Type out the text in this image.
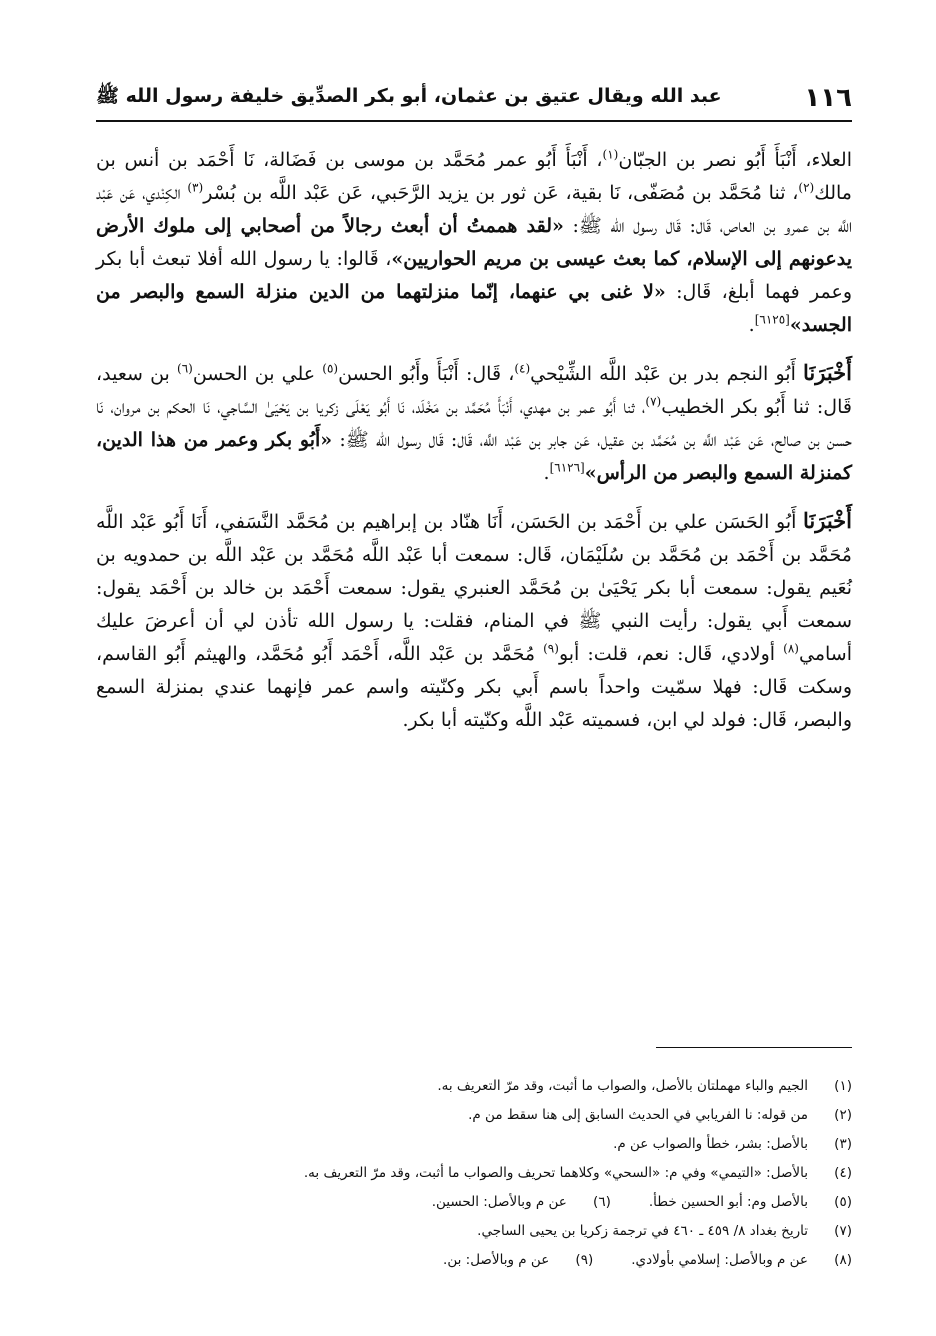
١١٦
عبد الله ويقال عتيق بن عثمان، أبو بكر الصدِّيق خليفة رسول الله ﷺ

العلاء، أَنْبَأَ أَبُو نصر بن الجبّان$^{(١)}$، أَنْبَأَ أَبُو عمر مُحَمَّد بن موسى بن فَضَالة، نَا أَحْمَد بن أنس بن مالك$^{(٢)}$، ثنا مُحَمَّد بن مُصَفّى، نَا بقية، عَن ثور بن يزيد الرَّحَبي، عَن عَبْد اللَّه بن بُسْر$^{(٣)}$ الكِنْدي، عَن عَبْد اللَّه بن عمرو بن العاص، قَال: قَال رسول الله ﷺ: «لقد هممتُ أن أبعث رجالاً من أصحابي إلى ملوك الأرض يدعونهم إلى الإسلام، كما بعث عيسى بن مريم الحواريين»، قَالوا: يا رسول الله أفلا تبعث أبا بكر وعمر فهما أبلغ، قَال: «لا غنى بي عنهما، إنّما منزلتهما من الدين منزلة السمع والبصر من الجسد»[٦١٢٥].

أَخْبَرَنَا أَبُو النجم بدر بن عَبْد اللَّه الشِّيْحي$^{(٤)}$، قَال: أَنْبَأَ وأَبُو الحسن$^{(٥)}$ علي بن الحسن$^{(٦)}$ بن سعيد، قَال: ثنا أَبُو بكر الخطيب$^{(٧)}$، ثنا أَبُو عمر بن مهدي، أَنْبَأَ مُحَمَّد بن مَخْلَد، نَا أَبُو يَعْلَى زكريا بن يَحْيَىٰ السَّاجي، نَا الحكم بن مروان، نَا حسن بن صالح، عَن عَبْد اللَّه بن مُحَمَّد بن عقيل، عَن جابر بن عَبْد اللَّه، قَال: قَال رسول الله ﷺ: «أَبُو بكر وعمر من هذا الدين، كمنزلة السمع والبصر من الرأس»[٦١٢٦].

أَخْبَرَنَا أَبُو الحَسَن علي بن أَحْمَد بن الحَسَن، أَنَا هنّاد بن إبراهيم بن مُحَمَّد النَّسَفي، أَنَا أَبُو عَبْد اللَّه مُحَمَّد بن أَحْمَد بن مُحَمَّد بن سُلَيْمَان، قَال: سمعت أبا عَبْد اللَّه مُحَمَّد بن عَبْد اللَّه بن حمدويه بن نُعَيم يقول: سمعت أبا بكر يَحْيَىٰ بن مُحَمَّد العنبري يقول: سمعت أَحْمَد بن خالد بن أَحْمَد يقول: سمعت أَبي يقول: رأيت النبي ﷺ في المنام، فقلت: يا رسول الله تأذن لي أن أعرضَ عليك أسامي$^{(٨)}$ أولادي، قَال: نعم، قلت: أبو$^{(٩)}$ مُحَمَّد بن عَبْد اللَّه، أَحْمَد أَبُو مُحَمَّد، والهيثم أَبُو القاسم، وسكت قَال: فهلا سمّيت واحداً باسم أَبي بكر وكنّيته واسم عمر فإنهما عندي بمنزلة السمع والبصر، قَال: فولد لي ابن، فسميته عَبْد اللَّه وكنّيته أبا بكر.

(١)
الجيم والباء مهملتان بالأصل، والصواب ما أثبت، وقد مرّ التعريف به.
(٢)
من قوله: نا الفريابي في الحديث السابق إلى هنا سقط من م.
(٣)
بالأصل: بشر، خطأ والصواب عن م.
(٤)
بالأصل: «التيمي» وفي م: «السحي» وكلاهما تحريف والصواب ما أثبت، وقد مرّ التعريف به.
(٥)
بالأصل وم: أبو الحسين خطأ.
(٦)
عن م وبالأصل: الحسين.
(٧)
تاريخ بغداد ٨/ ٤٥٩ ـ ٤٦٠ في ترجمة زكريا بن يحيى الساجي.
(٨)
عن م وبالأصل: إسلامي بأولادي.
(٩)
عن م وبالأصل: بن.
